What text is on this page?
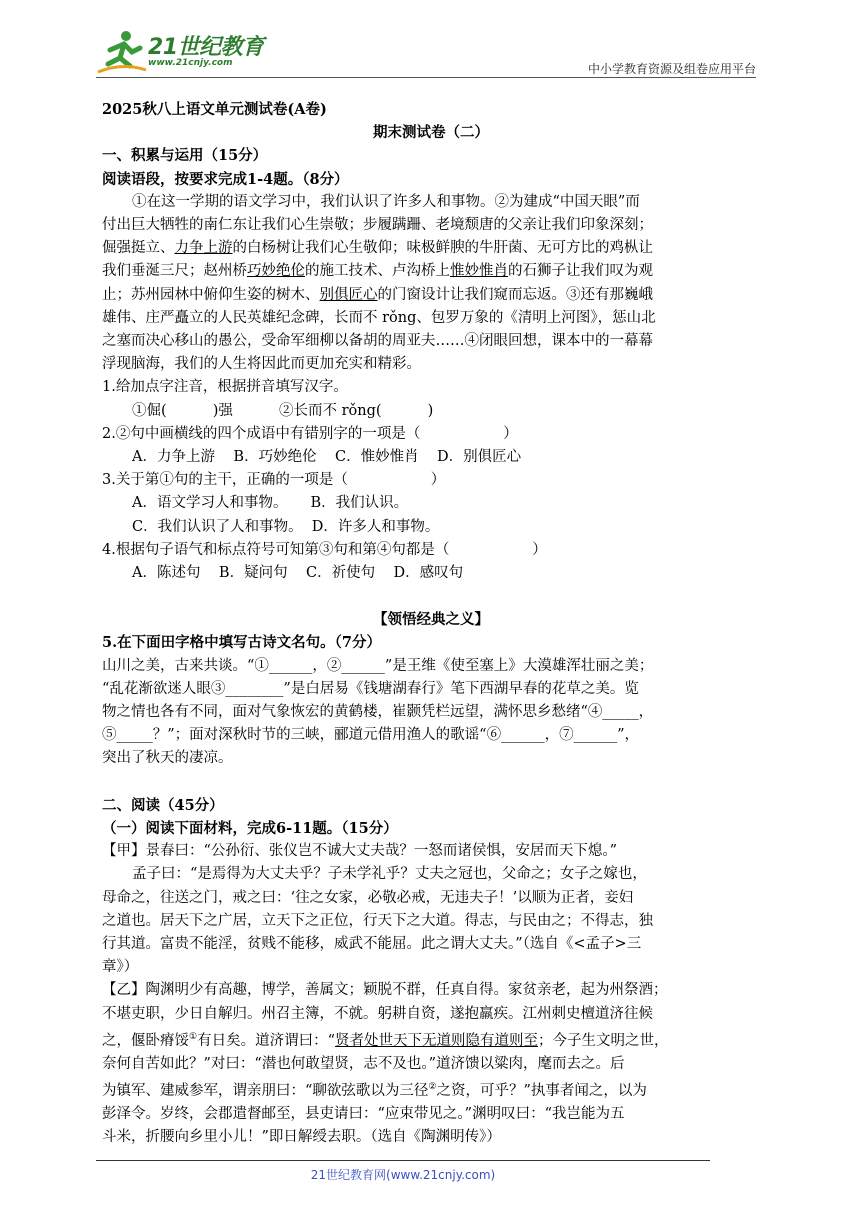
21世纪教育
www.21cnjy.com	中小学教育资源及组卷应用平台
2025秋八上语文单元测试卷(A卷)
期末测试卷（二）
一、积累与运用（15分）
阅读语段，按要求完成1-4题。（8分）
①在这一学期的语文学习中，我们认识了许多人和事物。②为建成“中国天眼”而
付出巨大牺牲的南仁东让我们心生崇敬；步履蹒跚、老境颓唐的父亲让我们印象深刻；
倔强挺立、力争上游的白杨树让我们心生敬仰；味极鲜腴的牛肝菌、无可方比的鸡枞让
我们垂涎三尺；赵州桥巧妙绝伦的施工技术、卢沟桥上惟妙惟肖的石狮子让我们叹为观
止；苏州园林中俯仰生姿的树木、别俱匠心的门窗设计让我们窥而忘返。③还有那巍峨
雄伟、庄严矗立的人民英雄纪念碑，长而不 rǒng、包罗万象的《清明上河图》，惩山北
之塞而决心移山的愚公，受命军细柳以备胡的周亚夫……④闭眼回想，课本中的一幕幕
浮现脑海，我们的人生将因此而更加充实和精彩。
1.给加点字注音，根据拼音填写汉字。
①倔(          )强	②长而不 rǒng(          )
2.②句中画横线的四个成语中有错别字的一项是（                  ）
A．力争上游    B．巧妙绝伦    C．惟妙惟肖    D．别俱匠心
3.关于第①句的主干，正确的一项是（                  ）
A．语文学习人和事物。     B．我们认识。
C．我们认识了人和事物。  D．许多人和事物。
4.根据句子语气和标点符号可知第③句和第④句都是（                  ）
A．陈述句    B．疑问句    C．祈使句    D．感叹句
【领悟经典之义】
5.在下面田字格中填写古诗文名句。（7分）
山川之美，古来共谈。“①______，②______”是王维《使至塞上》大漠雄浑壮丽之美；
“乱花渐欲迷人眼③________”是白居易《钱塘湖春行》笔下西湖早春的花草之美。览
物之情也各有不同，面对气象恢宏的黄鹤楼，崔颢凭栏远望，满怀思乡愁绪“④_____，
⑤_____？”；面对深秋时节的三峡，郦道元借用渔人的歌谣“⑥______，⑦______”，
突出了秋天的凄凉。
二、阅读（45分）
（一）阅读下面材料，完成6-11题。（15分）
【甲】景春曰：“公孙衍、张仪岂不诚大丈夫哉？一怒而诸侯惧，安居而天下熄。”
孟子曰：“是焉得为大丈夫乎？子未学礼乎？丈夫之冠也，父命之；女子之嫁也，
母命之，往送之门，戒之曰：‘往之女家，必敬必戒，无违夫子！’以顺为正者，妾妇
之道也。居天下之广居，立天下之正位，行天下之大道。得志，与民由之；不得志，独
行其道。富贵不能淫，贫贱不能移，威武不能屈。此之谓大丈夫。”（选自《<孟子>三
章》）
【乙】陶渊明少有高趣，博学，善属文；颖脱不群，任真自得。家贫亲老，起为州祭酒；
不堪吏职，少日自解归。州召主簿，不就。躬耕自资，遂抱羸疾。江州刺史檀道济往候
之，偃卧瘠馁①有日矣。道济谓曰：“贤者处世天下无道则隐有道则至；今子生文明之世，
奈何自苦如此？”对曰：“潜也何敢望贤，志不及也。”道济馈以粱肉，麾而去之。后
为镇军、建威参军，谓亲朋曰：“聊欲弦歌以为三径②之资，可乎？”执事者闻之，以为
彭泽令。岁终，会郡遣督邮至，县吏请曰：“应束带见之。”渊明叹曰：“我岂能为五
斗米，折腰向乡里小儿！”即日解绶去职。（选自《陶渊明传》）
21世纪教育网(www.21cnjy.com)
